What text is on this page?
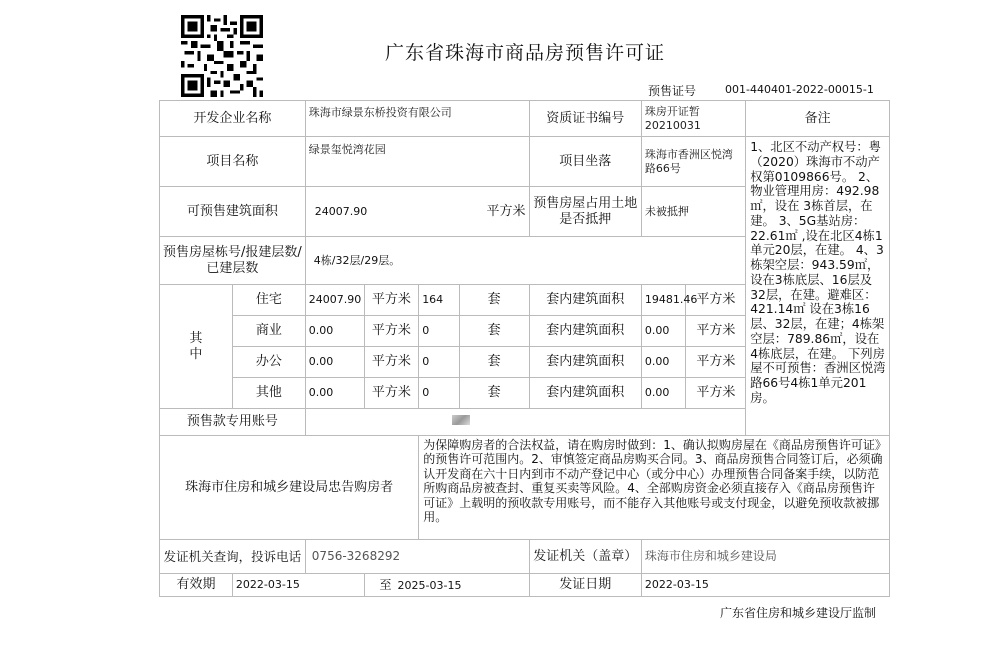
广东省珠海市商品房预售许可证
预售证号	001-440401-2022-00015-1
开发企业名称		珠海市绿景东桥投资有限公司				资质证书编号	珠房开证暂20210031		备注
项目名称		绿景玺悦湾花园				项目坐落	珠海市香洲区悦湾路66号		1、北区不动产权号：粤（2020）珠海市不动产权第0109866号。 2、物业管理用房：492.98㎡，设在 3栋首层，在建。 3、5G基站房：22.61㎡ ,设在北区4栋1单元20层，在建。 4、3栋架空层：943.59㎡，设在3栋底层、16层及32层，在建。避难区：421.14㎡ 设在3栋16层、32层，在建；4栋架空层：789.86㎡，设在4栋底层，在建。 下列房屋不可预售：香洲区悦湾路66号4栋1单元201房。
可预售建筑面积		24007.90 平方米				预售房屋占用土地是否抵押	未被抵押		
预售房屋栋号/报建层数/已建层数		4栋/32层/29层。							

其中	住宅	24007.90	平方米	164	套	套内建筑面积	19481.46	平方米	
	商业	0.00	平方米	0	套	套内建筑面积	0.00	平方米	
	办公	0.00	平方米	0	套	套内建筑面积	0.00	平方米	
	其他	0.00	平方米	0	套	套内建筑面积	0.00	平方米	
预售款专用账号									
珠海市住房和城乡建设局忠告购房者				为保障购房者的合法权益，请在购房时做到：1、确认拟购房屋在《商品房预售许可证》的预售许可范围内。2、审慎签定商品房购买合同。3、商品房预售合同签订后，必须确认开发商在六十日内到市不动产登记中心（或分中心）办理预售合同备案手续，以防范所购商品房被查封、重复买卖等风险。4、全部购房资金必须直接存入《商品房预售许可证》上载明的预收款专用账号，而不能存入其他账号或支付现金，以避免预收款被挪用。					
发证机关查询，投诉电话		0756-3268292				发证机关（盖章）	珠海市住房和城乡建设局		
有效期	2022-03-15		至 2025-03-15			发证日期	2022-03-15		
广东省住房和城乡建设厅监制
